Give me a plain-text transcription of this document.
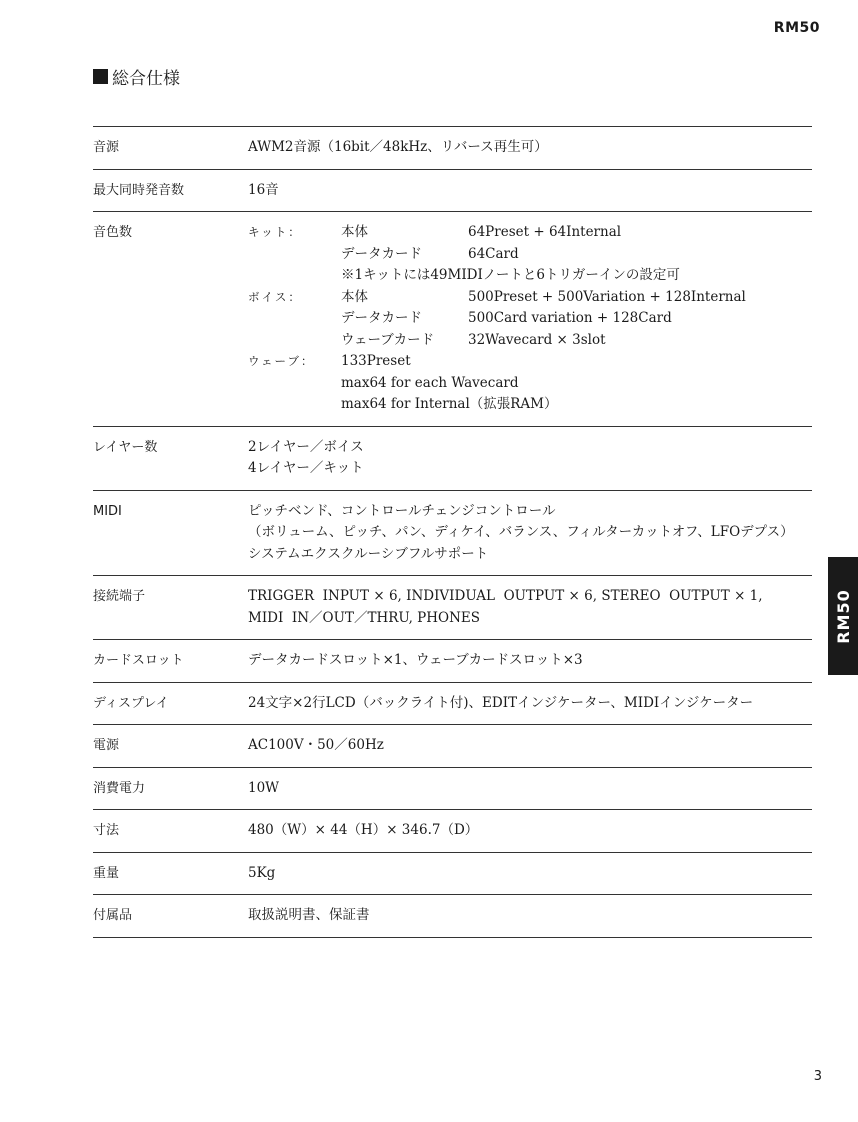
RM50
総合仕様
音源	AWM2音源（16bit／48kHz、リバース再生可）
最大同時発音数	16音
音色数	キット：	本体	64Preset + 64Internal
データカード	64Card
※1キットには49MIDIノートと6トリガーインの設定可
ボイス：	本体	500Preset + 500Variation + 128Internal
データカード	500Card variation + 128Card
ウェーブカード	32Wavecard × 3slot
ウェーブ：	133Preset
max64 for each Wavecard
max64 for Internal（拡張RAM）
レイヤー数	2レイヤー／ボイス
4レイヤー／キット
MIDI	ピッチベンド、コントロールチェンジコントロール
（ボリューム、ピッチ、パン、ディケイ、バランス、フィルターカットオフ、LFOデプス）
システムエクスクルーシブフルサポート
接続端子	TRIGGER  INPUT × 6, INDIVIDUAL  OUTPUT × 6, STEREO  OUTPUT × 1,
MIDI  IN／OUT／THRU, PHONES
カードスロット	データカードスロット×1、ウェーブカードスロット×3
ディスプレイ	24文字×2行LCD（バックライト付)、EDITインジケーター、MIDIインジケーター
電源	AC100V・50／60Hz
消費電力	10W
寸法	480（W）× 44（H）× 346.7（D）
重量	5Kg
付属品	取扱説明書、保証書
RM50
3
